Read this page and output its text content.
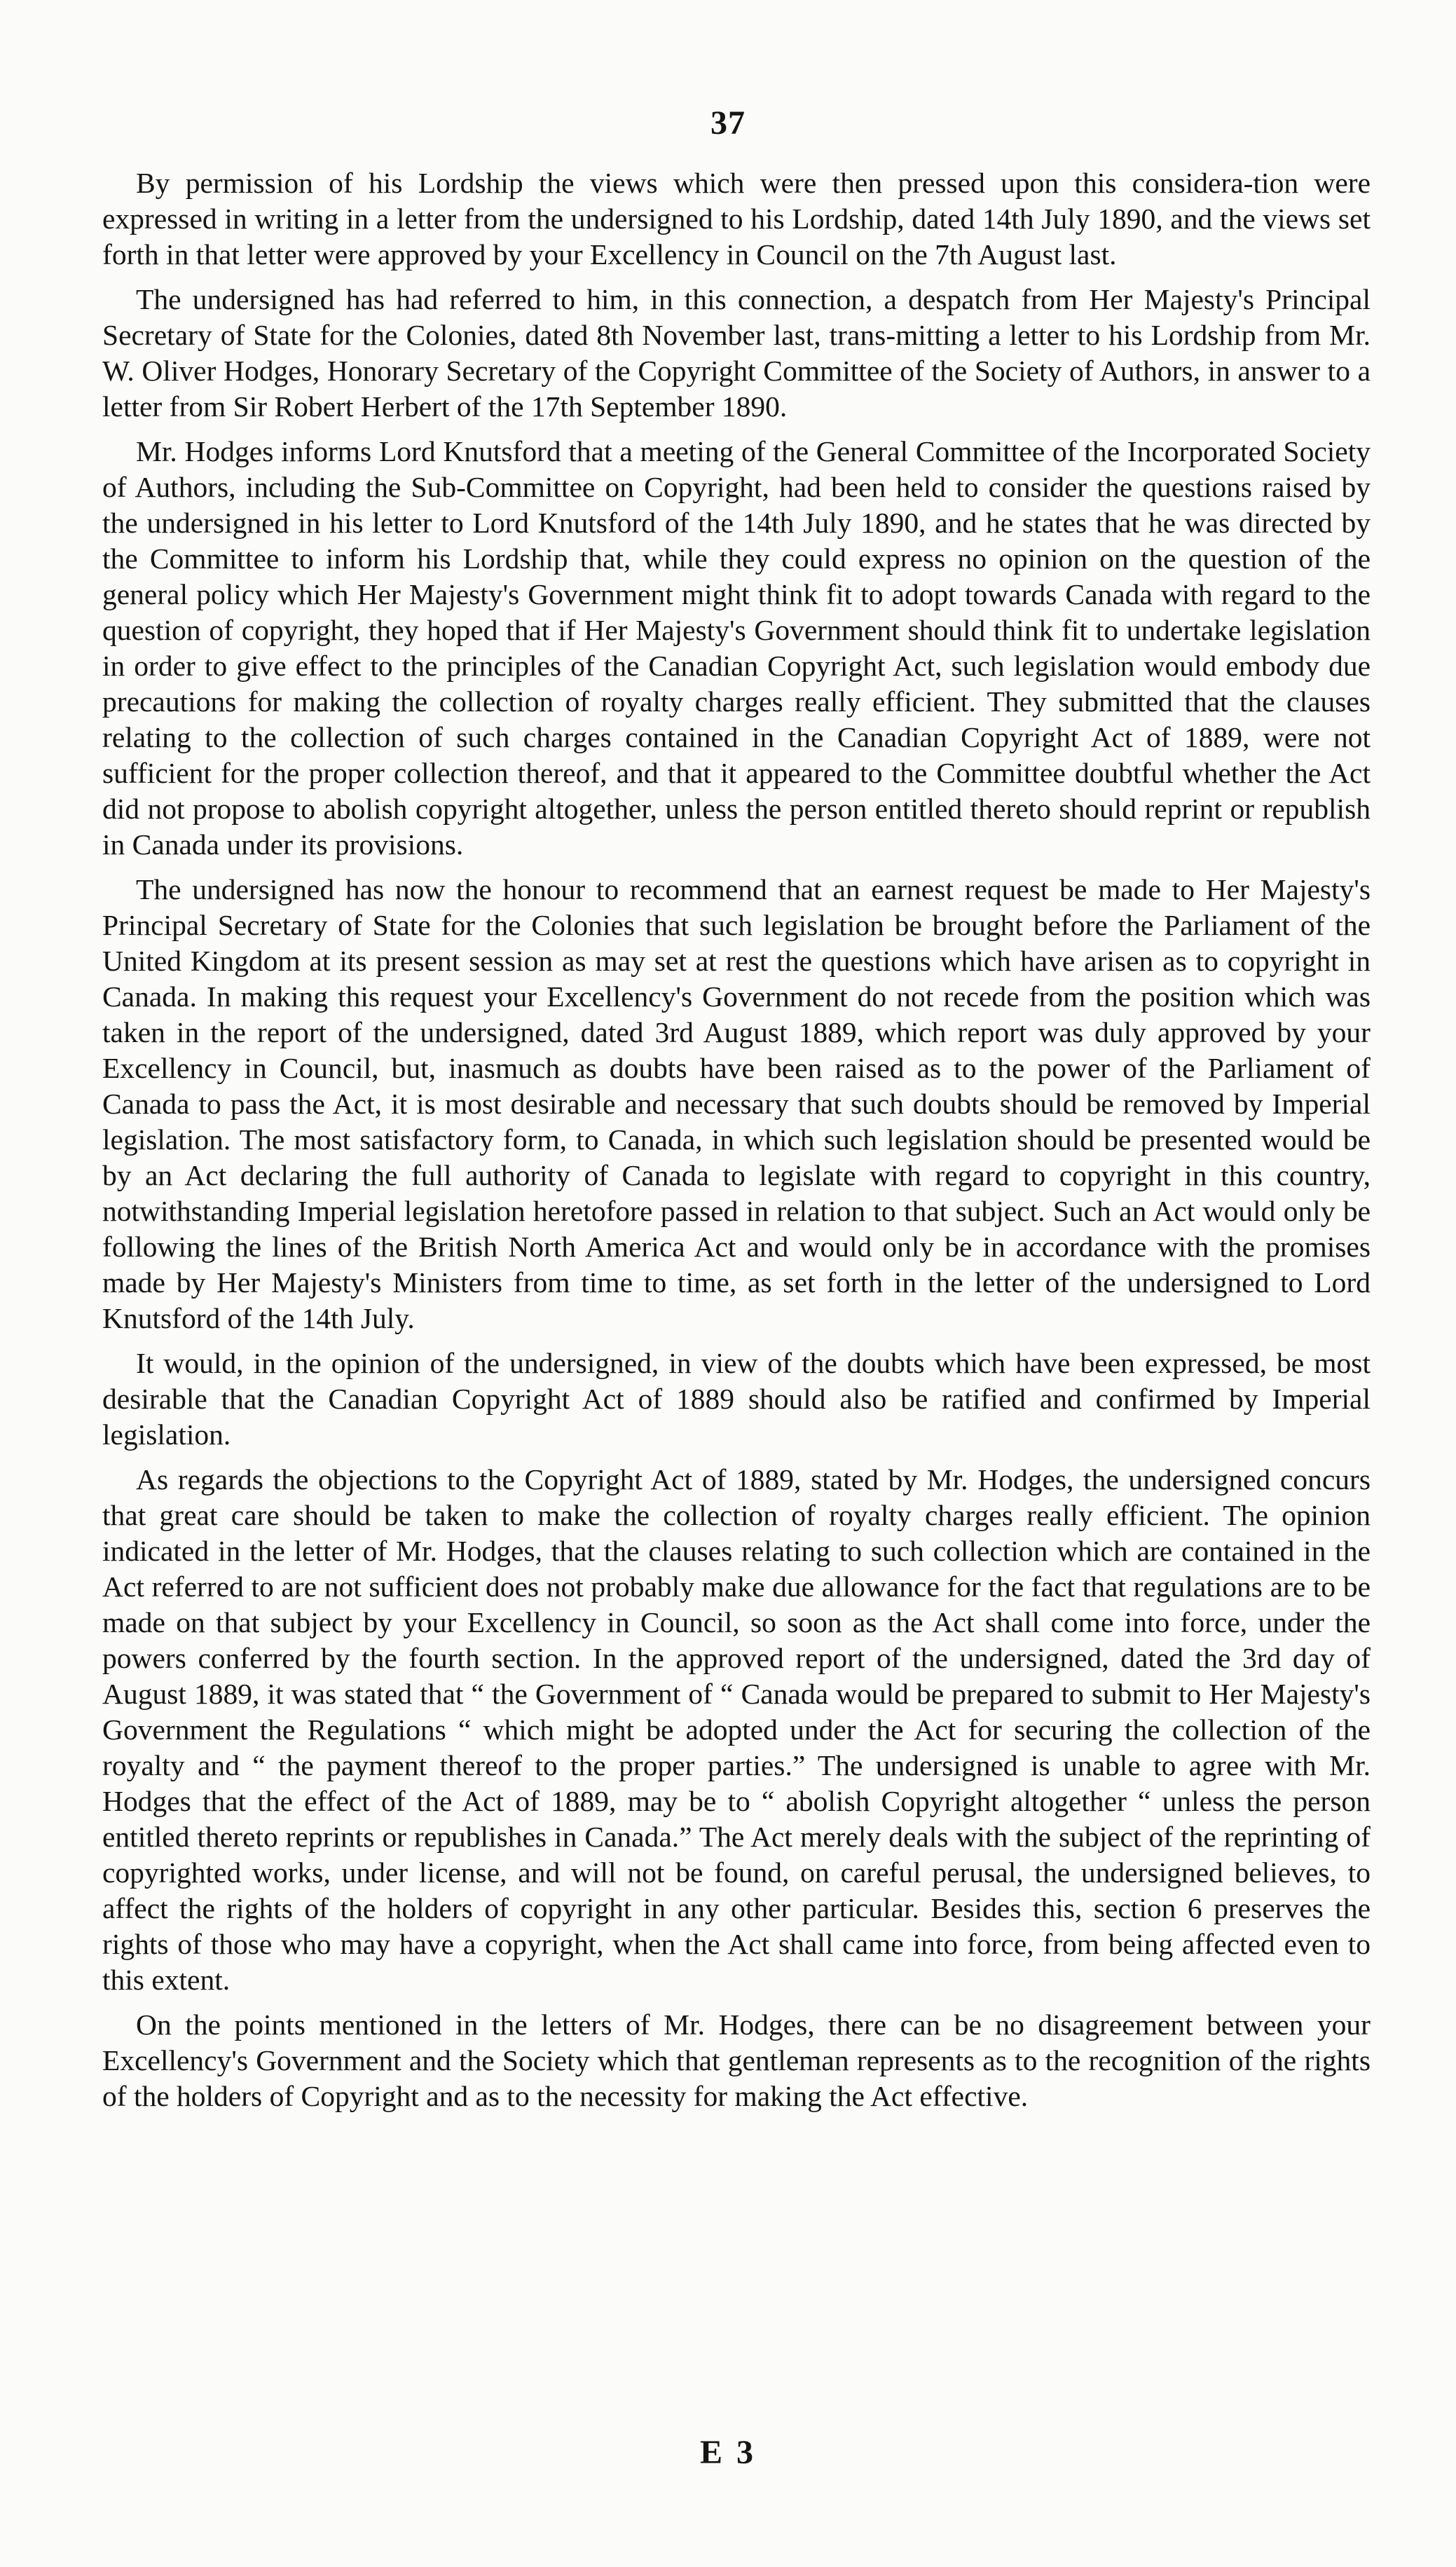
37

By permission of his Lordship the views which were then pressed upon this considera-tion were expressed in writing in a letter from the undersigned to his Lordship, dated 14th July 1890, and the views set forth in that letter were approved by your Excellency in Council on the 7th August last.

The undersigned has had referred to him, in this connection, a despatch from Her Majesty's Principal Secretary of State for the Colonies, dated 8th November last, trans-mitting a letter to his Lordship from Mr. W. Oliver Hodges, Honorary Secretary of the Copyright Committee of the Society of Authors, in answer to a letter from Sir Robert Herbert of the 17th September 1890.

Mr. Hodges informs Lord Knutsford that a meeting of the General Committee of the Incorporated Society of Authors, including the Sub-Committee on Copyright, had been held to consider the questions raised by the undersigned in his letter to Lord Knutsford of the 14th July 1890, and he states that he was directed by the Committee to inform his Lordship that, while they could express no opinion on the question of the general policy which Her Majesty's Government might think fit to adopt towards Canada with regard to the question of copyright, they hoped that if Her Majesty's Government should think fit to undertake legislation in order to give effect to the principles of the Canadian Copyright Act, such legislation would embody due precautions for making the collection of royalty charges really efficient. They submitted that the clauses relating to the collection of such charges contained in the Canadian Copyright Act of 1889, were not sufficient for the proper collection thereof, and that it appeared to the Committee doubtful whether the Act did not propose to abolish copyright altogether, unless the person entitled thereto should reprint or republish in Canada under its provisions.

The undersigned has now the honour to recommend that an earnest request be made to Her Majesty's Principal Secretary of State for the Colonies that such legislation be brought before the Parliament of the United Kingdom at its present session as may set at rest the questions which have arisen as to copyright in Canada. In making this request your Excellency's Government do not recede from the position which was taken in the report of the undersigned, dated 3rd August 1889, which report was duly approved by your Excellency in Council, but, inasmuch as doubts have been raised as to the power of the Parliament of Canada to pass the Act, it is most desirable and necessary that such doubts should be removed by Imperial legislation. The most satisfactory form, to Canada, in which such legislation should be presented would be by an Act declaring the full authority of Canada to legislate with regard to copyright in this country, notwithstanding Imperial legislation heretofore passed in relation to that subject. Such an Act would only be following the lines of the British North America Act and would only be in accordance with the promises made by Her Majesty's Ministers from time to time, as set forth in the letter of the undersigned to Lord Knutsford of the 14th July.

It would, in the opinion of the undersigned, in view of the doubts which have been expressed, be most desirable that the Canadian Copyright Act of 1889 should also be ratified and confirmed by Imperial legislation.

As regards the objections to the Copyright Act of 1889, stated by Mr. Hodges, the undersigned concurs that great care should be taken to make the collection of royalty charges really efficient. The opinion indicated in the letter of Mr. Hodges, that the clauses relating to such collection which are contained in the Act referred to are not sufficient does not probably make due allowance for the fact that regulations are to be made on that subject by your Excellency in Council, so soon as the Act shall come into force, under the powers conferred by the fourth section. In the approved report of the undersigned, dated the 3rd day of August 1889, it was stated that “ the Government of “ Canada would be prepared to submit to Her Majesty's Government the Regulations “ which might be adopted under the Act for securing the collection of the royalty and “ the payment thereof to the proper parties.” The undersigned is unable to agree with Mr. Hodges that the effect of the Act of 1889, may be to “ abolish Copyright altogether “ unless the person entitled thereto reprints or republishes in Canada.” The Act merely deals with the subject of the reprinting of copyrighted works, under license, and will not be found, on careful perusal, the undersigned believes, to affect the rights of the holders of copyright in any other particular. Besides this, section 6 preserves the rights of those who may have a copyright, when the Act shall came into force, from being affected even to this extent.

On the points mentioned in the letters of Mr. Hodges, there can be no disagreement between your Excellency's Government and the Society which that gentleman represents as to the recognition of the rights of the holders of Copyright and as to the necessity for making the Act effective.

E 3
